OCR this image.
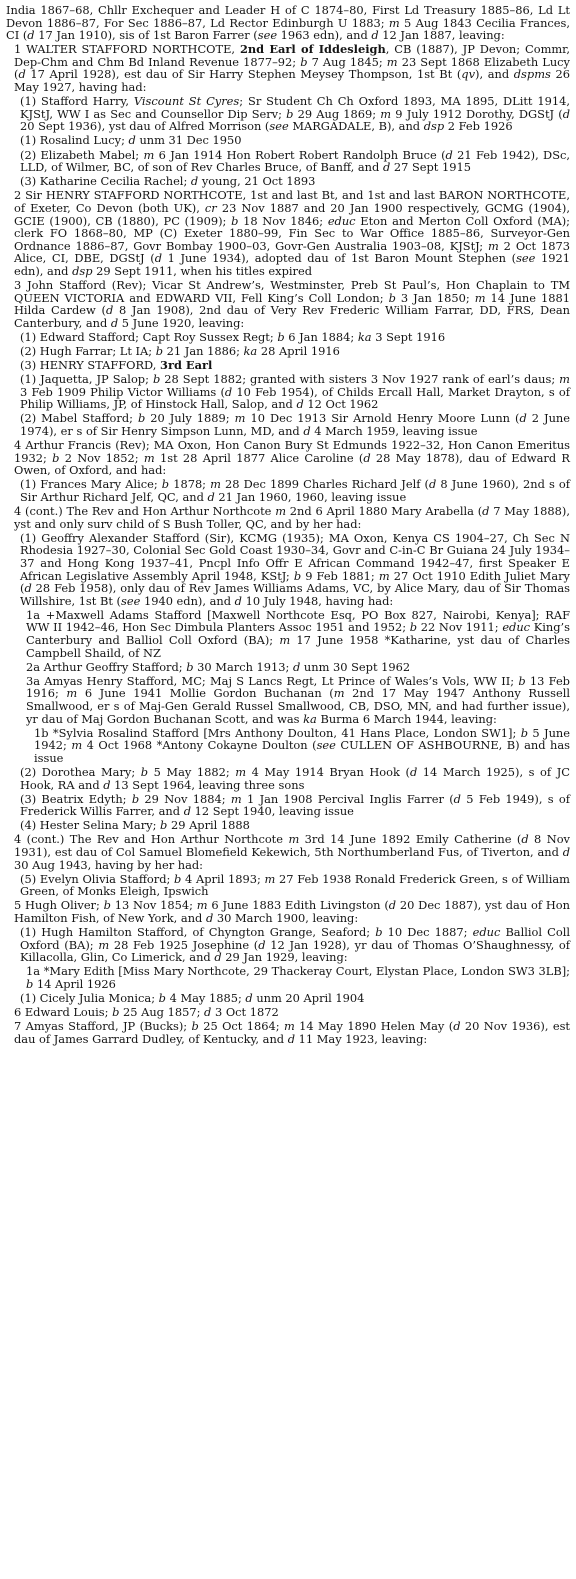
India 1867–68, Chllr Exchequer and Leader H of C 1874–80, First Ld Treasury 1885–86, Ld Lt Devon 1886–87, For Sec 1886–87, Ld Rector Edinburgh U 1883; m 5 Aug 1843 Cecilia Frances, CI (d 17 Jan 1910), sis of 1st Baron Farrer (see 1963 edn), and d 12 Jan 1887, leaving:

1 WALTER STAFFORD NORTHCOTE, 2nd Earl of Iddesleigh, CB (1887), JP Devon; Commr, Dep-Chm and Chm Bd Inland Revenue 1877–92; b 7 Aug 1845; m 23 Sept 1868 Elizabeth Lucy (d 17 April 1928), est dau of Sir Harry Stephen Meysey Thompson, 1st Bt (qv), and dspms 26 May 1927, having had:

(1) Stafford Harry, Viscount St Cyres; Sr Student Ch Ch Oxford 1893, MA 1895, DLitt 1914, KJStJ, WW I as Sec and Counsellor Dip Serv; b 29 Aug 1869; m 9 July 1912 Dorothy, DGStJ (d 20 Sept 1936), yst dau of Alfred Morrison (see MARGADALE, B), and dsp 2 Feb 1926

(1) Rosalind Lucy; d unm 31 Dec 1950

(2) Elizabeth Mabel; m 6 Jan 1914 Hon Robert Robert Randolph Bruce (d 21 Feb 1942), DSc, LLD, of Wilmer, BC, of son of Rev Charles Bruce, of Banff, and d 27 Sept 1915

(3) Katharine Cecilia Rachel; d young, 21 Oct 1893

2 Sir HENRY STAFFORD NORTHCOTE, 1st and last Bt, and 1st and last BARON NORTHCOTE, of Exeter, Co Devon (both UK), cr 23 Nov 1887 and 20 Jan 1900 respectively, GCMG (1904), GCIE (1900), CB (1880), PC (1909); b 18 Nov 1846; educ Eton and Merton Coll Oxford (MA); clerk FO 1868–80, MP (C) Exeter 1880–99, Fin Sec to War Office 1885–86, Surveyor-Gen Ordnance 1886–87, Govr Bombay 1900–03, Govr-Gen Australia 1903–08, KJStJ; m 2 Oct 1873 Alice, CI, DBE, DGStJ (d 1 June 1934), adopted dau of 1st Baron Mount Stephen (see 1921 edn), and dsp 29 Sept 1911, when his titles expired

3 John Stafford (Rev); Vicar St Andrew’s, Westminster, Preb St Paul’s, Hon Chaplain to TM QUEEN VICTORIA and EDWARD VII, Fell King’s Coll London; b 3 Jan 1850; m 14 June 1881 Hilda Cardew (d 8 Jan 1908), 2nd dau of Very Rev Frederic William Farrar, DD, FRS, Dean Canterbury, and d 5 June 1920, leaving:

(1) Edward Stafford; Capt Roy Sussex Regt; b 6 Jan 1884; ka 3 Sept 1916

(2) Hugh Farrar; Lt IA; b 21 Jan 1886; ka 28 April 1916

(3) HENRY STAFFORD, 3rd Earl

(1) Jaquetta, JP Salop; b 28 Sept 1882; granted with sisters 3 Nov 1927 rank of earl’s daus; m 3 Feb 1909 Philip Victor Williams (d 10 Feb 1954), of Childs Ercall Hall, Market Drayton, s of Philip Williams, JP, of Hinstock Hall, Salop, and d 12 Oct 1962

(2) Mabel Stafford; b 20 July 1889; m 10 Dec 1913 Sir Arnold Henry Moore Lunn (d 2 June 1974), er s of Sir Henry Simpson Lunn, MD, and d 4 March 1959, leaving issue

4 Arthur Francis (Rev); MA Oxon, Hon Canon Bury St Edmunds 1922–32, Hon Canon Emeritus 1932; b 2 Nov 1852; m 1st 28 April 1877 Alice Caroline (d 28 May 1878), dau of Edward R Owen, of Oxford, and had:

(1) Frances Mary Alice; b 1878; m 28 Dec 1899 Charles Richard Jelf (d 8 June 1960), 2nd s of Sir Arthur Richard Jelf, QC, and d 21 Jan 1960, 1960, leaving issue

4 (cont.) The Rev and Hon Arthur Northcote m 2nd 6 April 1880 Mary Arabella (d 7 May 1888), yst and only surv child of S Bush Toller, QC, and by her had:

(1) Geoffry Alexander Stafford (Sir), KCMG (1935); MA Oxon, Kenya CS 1904–27, Ch Sec N Rhodesia 1927–30, Colonial Sec Gold Coast 1930–34, Govr and C-in-C Br Guiana 24 July 1934–37 and Hong Kong 1937–41, Pncpl Info Offr E African Command 1942–47, first Speaker E African Legislative Assembly April 1948, KStJ; b 9 Feb 1881; m 27 Oct 1910 Edith Juliet Mary (d 28 Feb 1958), only dau of Rev James Williams Adams, VC, by Alice Mary, dau of Sir Thomas Willshire, 1st Bt (see 1940 edn), and d 10 July 1948, having had:

1a +Maxwell Adams Stafford [Maxwell Northcote Esq, PO Box 827, Nairobi, Kenya]; RAF WW II 1942–46, Hon Sec Dimbula Planters Assoc 1951 and 1952; b 22 Nov 1911; educ King’s Canterbury and Balliol Coll Oxford (BA); m 17 June 1958 *Katharine, yst dau of Charles Campbell Shaild, of NZ

2a Arthur Geoffry Stafford; b 30 March 1913; d unm 30 Sept 1962

3a Amyas Henry Stafford, MC; Maj S Lancs Regt, Lt Prince of Wales’s Vols, WW II; b 13 Feb 1916; m 6 June 1941 Mollie Gordon Buchanan (m 2nd 17 May 1947 Anthony Russell Smallwood, er s of Maj-Gen Gerald Russel Smallwood, CB, DSO, MN, and had further issue), yr dau of Maj Gordon Buchanan Scott, and was ka Burma 6 March 1944, leaving:

1b *Sylvia Rosalind Stafford [Mrs Anthony Doulton, 41 Hans Place, London SW1]; b 5 June 1942; m 4 Oct 1968 *Antony Cokayne Doulton (see CULLEN OF ASHBOURNE, B) and has issue

(2) Dorothea Mary; b 5 May 1882; m 4 May 1914 Bryan Hook (d 14 March 1925), s of JC Hook, RA and d 13 Sept 1964, leaving three sons

(3) Beatrix Edyth; b 29 Nov 1884; m 1 Jan 1908 Percival Inglis Farrer (d 5 Feb 1949), s of Frederick Willis Farrer, and d 12 Sept 1940, leaving issue

(4) Hester Selina Mary; b 29 April 1888

4 (cont.) The Rev and Hon Arthur Northcote m 3rd 14 June 1892 Emily Catherine (d 8 Nov 1931), est dau of Col Samuel Blomefield Kekewich, 5th Northumberland Fus, of Tiverton, and d 30 Aug 1943, having by her had:

(5) Evelyn Olivia Stafford; b 4 April 1893; m 27 Feb 1938 Ronald Frederick Green, s of William Green, of Monks Eleigh, Ipswich

5 Hugh Oliver; b 13 Nov 1854; m 6 June 1883 Edith Livingston (d 20 Dec 1887), yst dau of Hon Hamilton Fish, of New York, and d 30 March 1900, leaving:

(1) Hugh Hamilton Stafford, of Chyngton Grange, Seaford; b 10 Dec 1887; educ Balliol Coll Oxford (BA); m 28 Feb 1925 Josephine (d 12 Jan 1928), yr dau of Thomas O’Shaughnessy, of Killacolla, Glin, Co Limerick, and d 29 Jan 1929, leaving:

1a *Mary Edith [Miss Mary Northcote, 29 Thackeray Court, Elystan Place, London SW3 3LB]; b 14 April 1926

(1) Cicely Julia Monica; b 4 May 1885; d unm 20 April 1904

6 Edward Louis; b 25 Aug 1857; d 3 Oct 1872

7 Amyas Stafford, JP (Bucks); b 25 Oct 1864; m 14 May 1890 Helen May (d 20 Nov 1936), est dau of James Garrard Dudley, of Kentucky, and d 11 May 1923, leaving:
